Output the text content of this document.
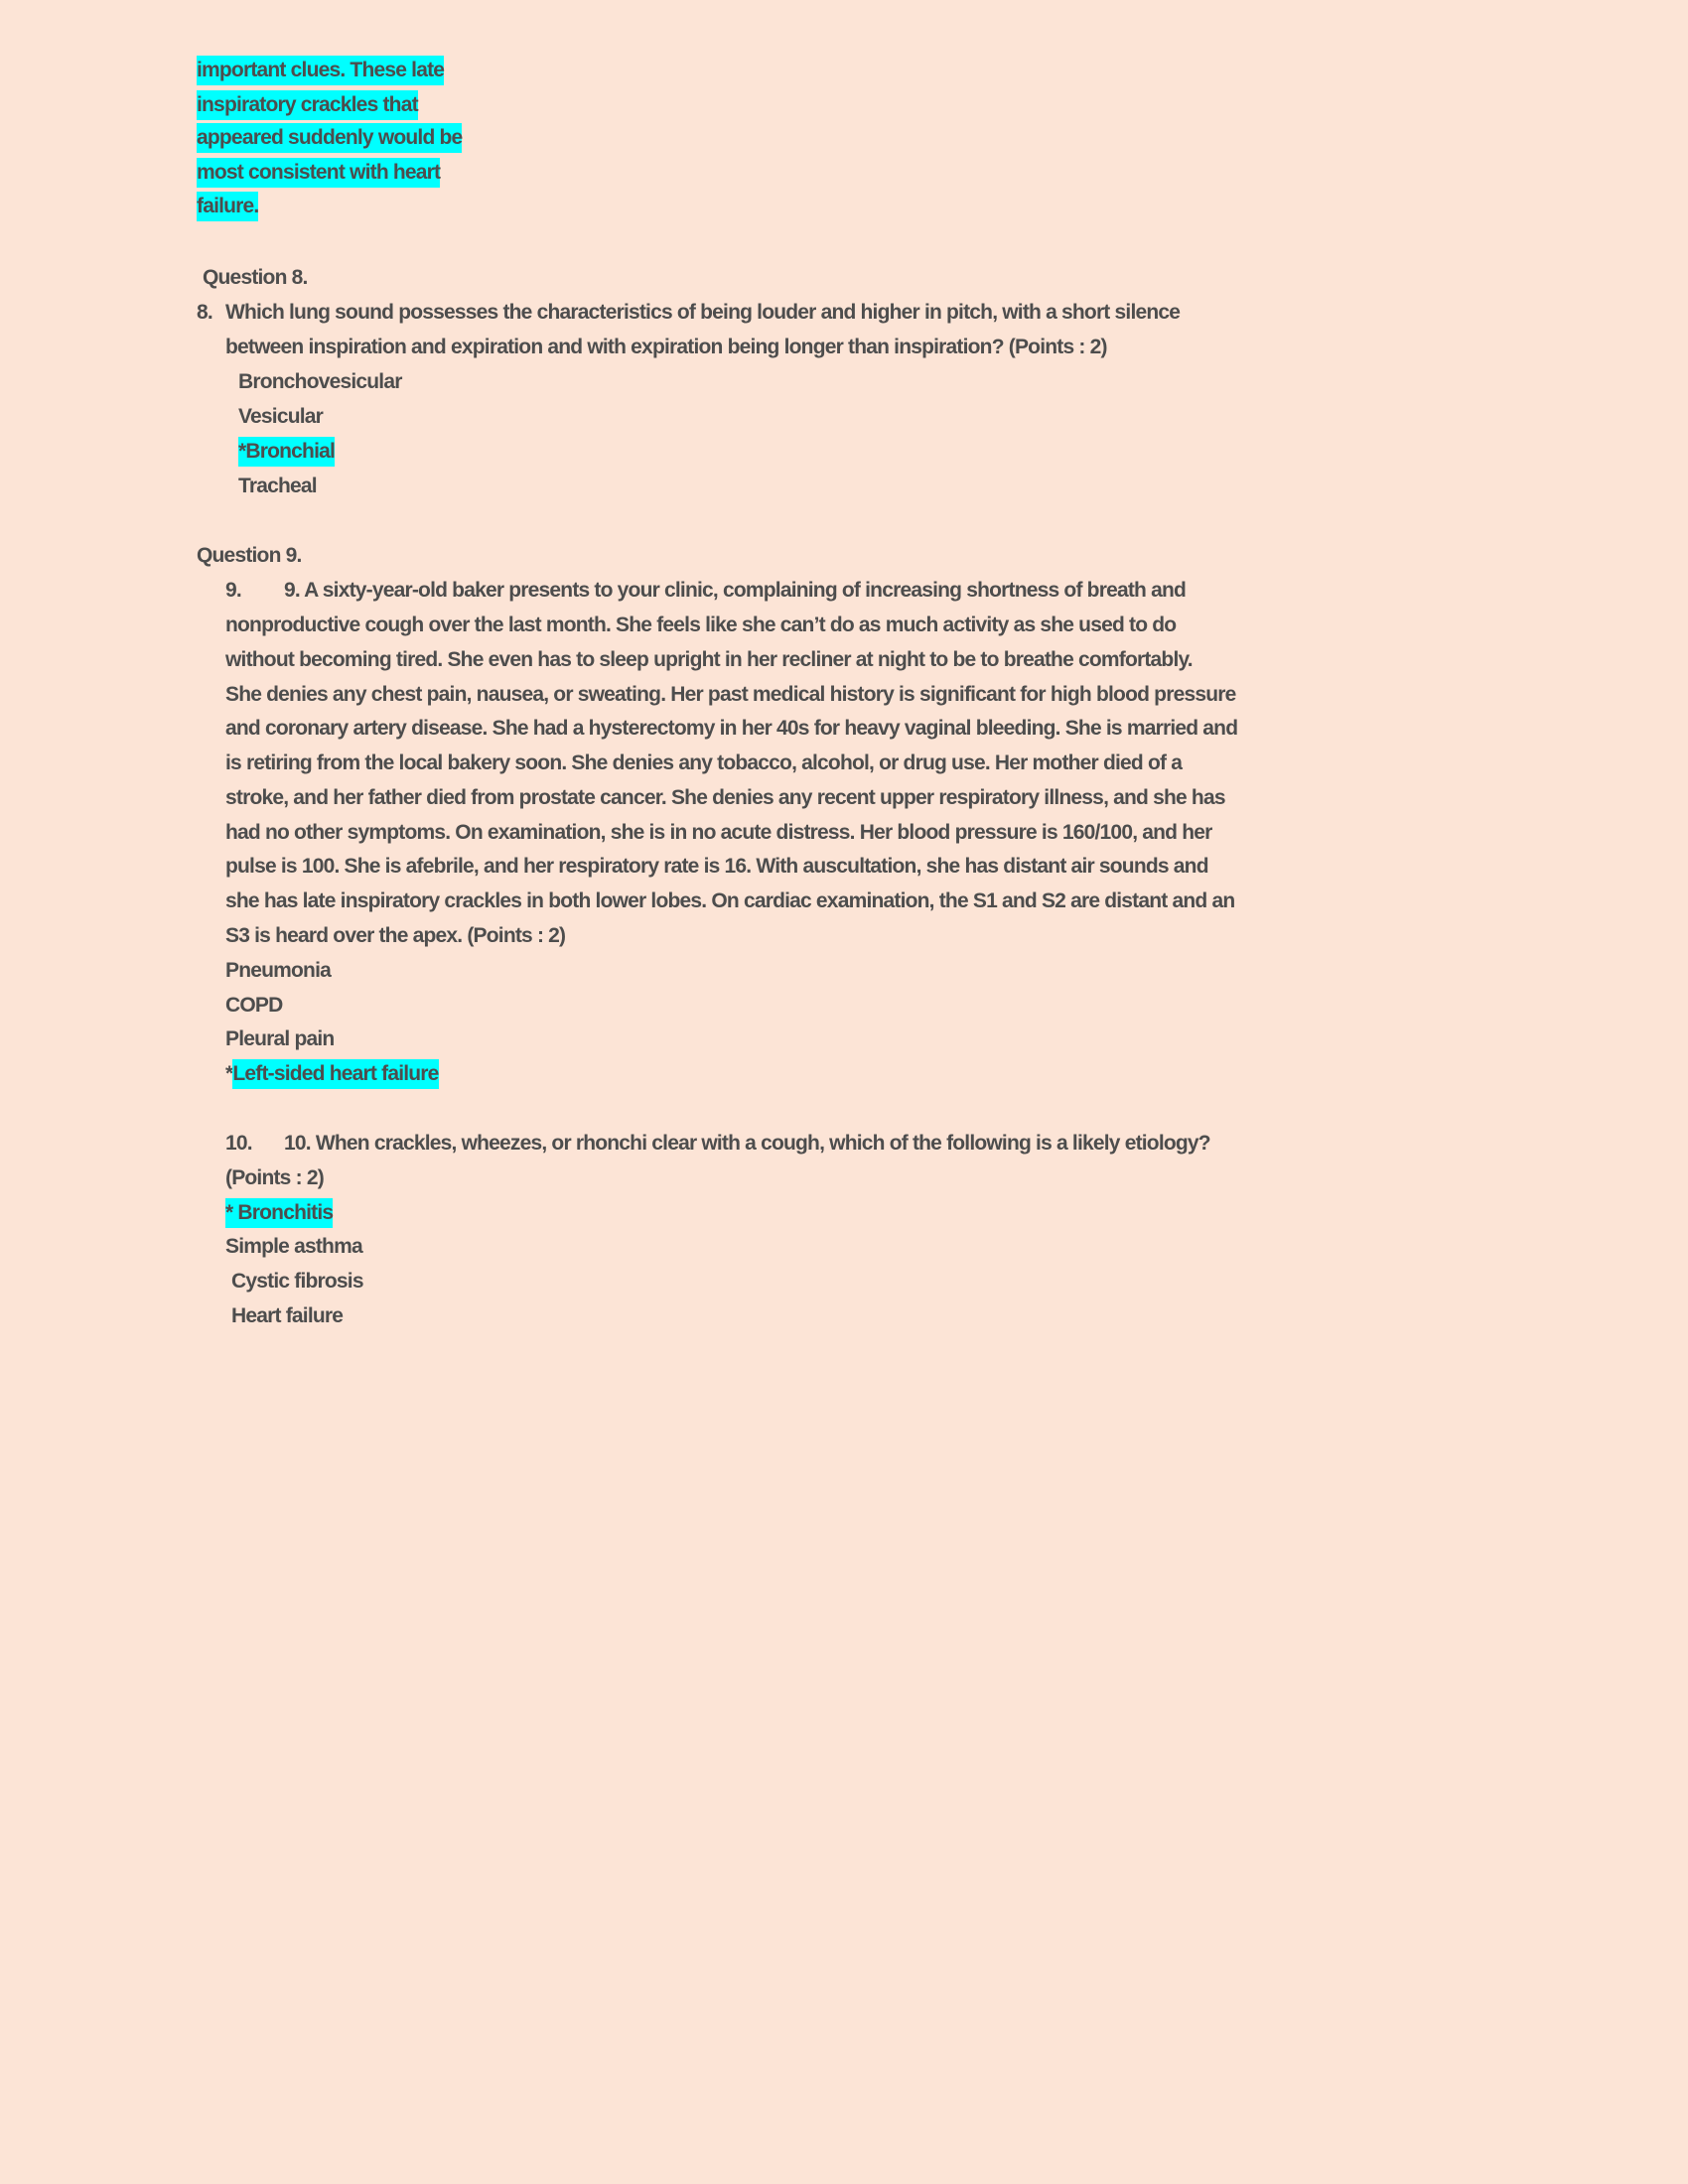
important clues. These late
inspiratory crackles that
appeared suddenly would be
most consistent with heart
failure.
Question 8.
8. Which lung sound possesses the characteristics of being louder and higher in pitch, with a short silence
between inspiration and expiration and with expiration being longer than inspiration? (Points : 2)
Bronchovesicular
Vesicular
*Bronchial
Tracheal
Question 9.
9. 9. A sixty-year-old baker presents to your clinic, complaining of increasing shortness of breath and
nonproductive cough over the last month. She feels like she can’t do as much activity as she used to do
without becoming tired. She even has to sleep upright in her recliner at night to be to breathe comfortably.
She denies any chest pain, nausea, or sweating. Her past medical history is significant for high blood pressure
and coronary artery disease. She had a hysterectomy in her 40s for heavy vaginal bleeding. She is married and
is retiring from the local bakery soon. She denies any tobacco, alcohol, or drug use. Her mother died of a
stroke, and her father died from prostate cancer. She denies any recent upper respiratory illness, and she has
had no other symptoms. On examination, she is in no acute distress. Her blood pressure is 160/100, and her
pulse is 100. She is afebrile, and her respiratory rate is 16. With auscultation, she has distant air sounds and
she has late inspiratory crackles in both lower lobes. On cardiac examination, the S1 and S2 are distant and an
S3 is heard over the apex. (Points : 2)
Pneumonia
COPD
Pleural pain
*Left-sided heart failure
10. 10. When crackles, wheezes, or rhonchi clear with a cough, which of the following is a likely etiology?
(Points : 2)
* Bronchitis
Simple asthma
Cystic fibrosis
Heart failure
